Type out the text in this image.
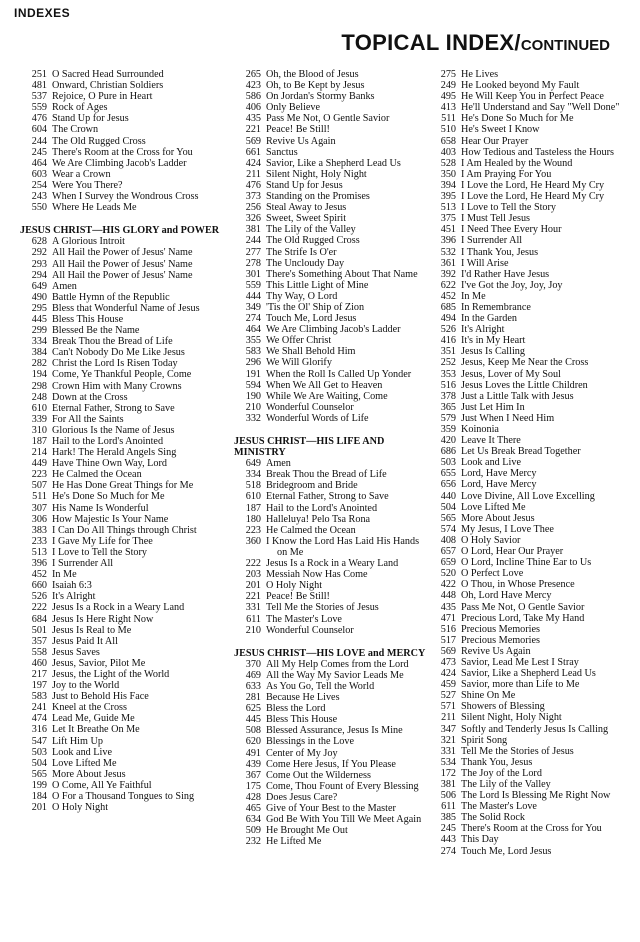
INDEXES
TOPICAL INDEX/CONTINUED
251 O Sacred Head Surrounded
481 Onward, Christian Soldiers
537 Rejoice, O Pure in Heart
559 Rock of Ages
476 Stand Up for Jesus
604 The Crown
244 The Old Rugged Cross
245 There's Room at the Cross for You
464 We Are Climbing Jacob's Ladder
603 Wear a Crown
254 Were You There?
243 When I Survey the Wondrous Cross
550 Where He Leads Me
JESUS CHRIST—HIS GLORY and POWER
628 A Glorious Introit
292 All Hail the Power of Jesus' Name
293 All Hail the Power of Jesus' Name
294 All Hail the Power of Jesus' Name
649 Amen
490 Battle Hymn of the Republic
295 Bless that Wonderful Name of Jesus
445 Bless This House
299 Blessed Be the Name
334 Break Thou the Bread of Life
384 Can't Nobody Do Me Like Jesus
282 Christ the Lord Is Risen Today
194 Come, Ye Thankful People, Come
298 Crown Him with Many Crowns
248 Down at the Cross
610 Eternal Father, Strong to Save
339 For All the Saints
310 Glorious Is the Name of Jesus
187 Hail to the Lord's Anointed
214 Hark! The Herald Angels Sing
449 Have Thine Own Way, Lord
223 He Calmed the Ocean
507 He Has Done Great Things for Me
511 He's Done So Much for Me
307 His Name Is Wonderful
306 How Majestic Is Your Name
383 I Can Do All Things through Christ
233 I Gave My Life for Thee
513 I Love to Tell the Story
396 I Surrender All
452 In Me
660 Isaiah 6:3
526 It's Alright
222 Jesus Is a Rock in a Weary Land
684 Jesus Is Here Right Now
501 Jesus Is Real to Me
357 Jesus Paid It All
558 Jesus Saves
460 Jesus, Savior, Pilot Me
217 Jesus, the Light of the World
197 Joy to the World
583 Just to Behold His Face
241 Kneel at the Cross
474 Lead Me, Guide Me
316 Let It Breathe On Me
547 Lift Him Up
503 Look and Live
504 Love Lifted Me
565 More About Jesus
199 O Come, All Ye Faithful
184 O For a Thousand Tongues to Sing
201 O Holy Night
265 Oh, the Blood of Jesus
423 Oh, to Be Kept by Jesus
586 On Jordan's Stormy Banks
406 Only Believe
435 Pass Me Not, O Gentle Savior
221 Peace! Be Still!
569 Revive Us Again
661 Sanctus
424 Savior, Like a Shepherd Lead Us
211 Silent Night, Holy Night
476 Stand Up for Jesus
373 Standing on the Promises
256 Steal Away to Jesus
326 Sweet, Sweet Spirit
381 The Lily of the Valley
244 The Old Rugged Cross
277 The Strife Is O'er
278 The Uncloudy Day
301 There's Something About That Name
559 This Little Light of Mine
444 Thy Way, O Lord
349 'Tis the Ol' Ship of Zion
274 Touch Me, Lord Jesus
464 We Are Climbing Jacob's Ladder
355 We Offer Christ
583 We Shall Behold Him
296 We Will Glorify
191 When the Roll Is Called Up Yonder
594 When We All Get to Heaven
190 While We Are Waiting, Come
210 Wonderful Counselor
332 Wonderful Words of Life
JESUS CHRIST—HIS LIFE AND MINISTRY
649 Amen
334 Break Thou the Bread of Life
518 Bridegroom and Bride
610 Eternal Father, Strong to Save
187 Hail to the Lord's Anointed
180 Halleluya! Pelo Tsa Rona
223 He Calmed the Ocean
360 I Know the Lord Has Laid His Hands on Me
222 Jesus Is a Rock in a Weary Land
203 Messiah Now Has Come
201 O Holy Night
221 Peace! Be Still!
331 Tell Me the Stories of Jesus
611 The Master's Love
210 Wonderful Counselor
JESUS CHRIST—HIS LOVE and MERCY
370 All My Help Comes from the Lord
469 All the Way My Savior Leads Me
633 As You Go, Tell the World
281 Because He Lives
625 Bless the Lord
445 Bless This House
508 Blessed Assurance, Jesus Is Mine
620 Blessings in the Love
491 Center of My Joy
439 Come Here Jesus, If You Please
367 Come Out the Wilderness
175 Come, Thou Fount of Every Blessing
428 Does Jesus Care?
465 Give of Your Best to the Master
634 God Be With You Till We Meet Again
509 He Brought Me Out
232 He Lifted Me
275 He Lives
249 He Looked beyond My Fault
495 He Will Keep You in Perfect Peace
413 He'll Understand and Say "Well Done"
511 He's Done So Much for Me
510 He's Sweet I Know
658 Hear Our Prayer
403 How Tedious and Tasteless the Hours
528 I Am Healed by the Wound
350 I Am Praying For You
394 I Love the Lord, He Heard My Cry
395 I Love the Lord, He Heard My Cry
513 I Love to Tell the Story
375 I Must Tell Jesus
451 I Need Thee Every Hour
396 I Surrender All
532 I Thank You, Jesus
361 I Will Arise
392 I'd Rather Have Jesus
622 I've Got the Joy, Joy, Joy
452 In Me
685 In Remembrance
494 In the Garden
526 It's Alright
416 It's in My Heart
351 Jesus Is Calling
252 Jesus, Keep Me Near the Cross
353 Jesus, Lover of My Soul
516 Jesus Loves the Little Children
378 Just a Little Talk with Jesus
365 Just Let Him In
579 Just When I Need Him
359 Koinonia
420 Leave It There
686 Let Us Break Bread Together
503 Look and Live
655 Lord, Have Mercy
656 Lord, Have Mercy
440 Love Divine, All Love Excelling
504 Love Lifted Me
565 More About Jesus
574 My Jesus, I Love Thee
408 O Holy Savior
657 O Lord, Hear Our Prayer
659 O Lord, Incline Thine Ear to Us
520 O Perfect Love
422 O Thou, in Whose Presence
448 Oh, Lord Have Mercy
435 Pass Me Not, O Gentle Savior
471 Precious Lord, Take My Hand
516 Precious Memories
517 Precious Memories
569 Revive Us Again
473 Savior, Lead Me Lest I Stray
424 Savior, Like a Shepherd Lead Us
459 Savior, more than Life to Me
527 Shine On Me
571 Showers of Blessing
211 Silent Night, Holy Night
347 Softly and Tenderly Jesus Is Calling
321 Spirit Song
331 Tell Me the Stories of Jesus
534 Thank You, Jesus
172 The Joy of the Lord
381 The Lily of the Valley
506 The Lord Is Blessing Me Right Now
611 The Master's Love
385 The Solid Rock
245 There's Room at the Cross for You
443 This Day
274 Touch Me, Lord Jesus
